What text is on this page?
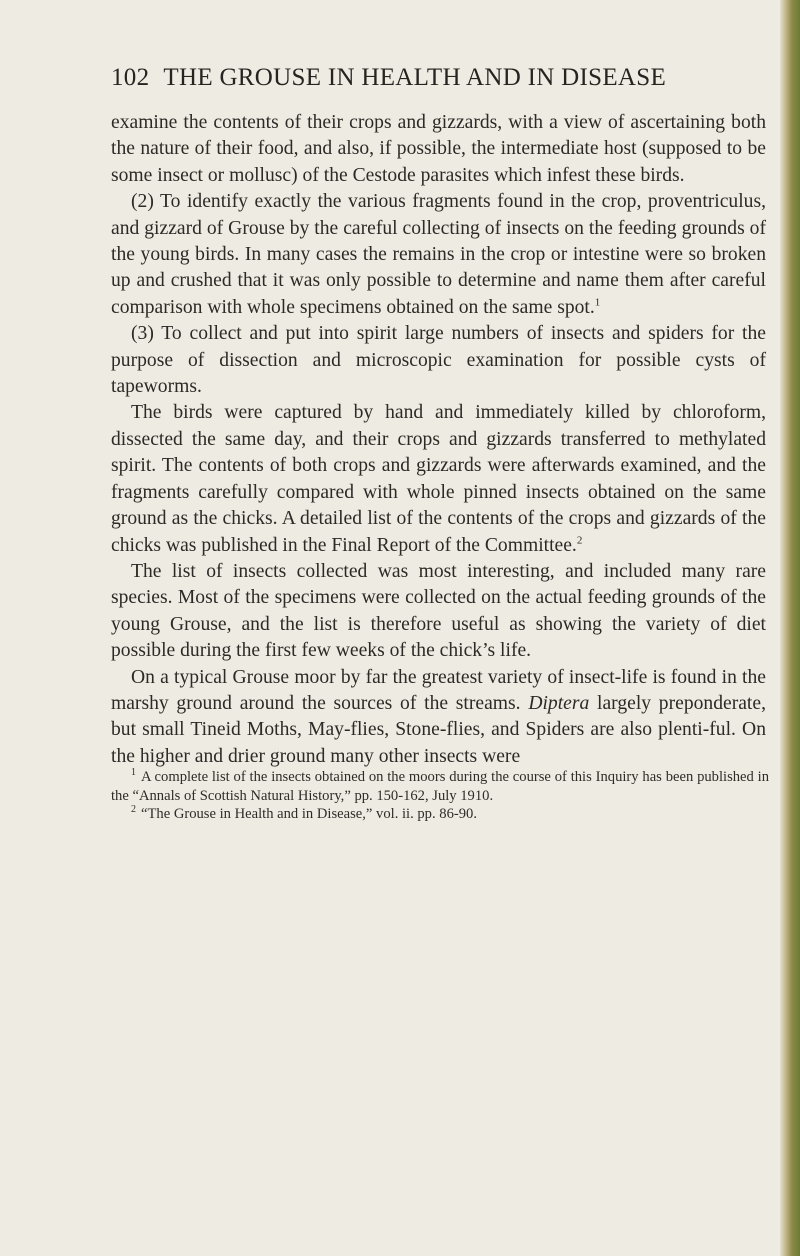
102 THE GROUSE IN HEALTH AND IN DISEASE

examine the contents of their crops and gizzards, with a view of ascertaining both the nature of their food, and also, if possible, the intermediate host (supposed to be some insect or mollusc) of the Cestode parasites which infest these birds.

(2) To identify exactly the various fragments found in the crop, proventriculus, and gizzard of Grouse by the careful collecting of insects on the feeding grounds of the young birds. In many cases the remains in the crop or intestine were so broken up and crushed that it was only possible to determine and name them after careful comparison with whole specimens obtained on the same spot.$^1$

(3) To collect and put into spirit large numbers of insects and spiders for the purpose of dissection and microscopic examination for possible cysts of tapeworms.

The birds were captured by hand and immediately killed by chloroform, dissected the same day, and their crops and gizzards transferred to methylated spirit. The contents of both crops and gizzards were afterwards examined, and the fragments carefully compared with whole pinned insects obtained on the same ground as the chicks. A detailed list of the contents of the crops and gizzards of the chicks was published in the Final Report of the Committee.$^2$

The list of insects collected was most interesting, and included many rare species. Most of the specimens were collected on the actual feeding grounds of the young Grouse, and the list is therefore useful as showing the variety of diet possible during the first few weeks of the chick’s life.

On a typical Grouse moor by far the greatest variety of insect-life is found in the marshy ground around the sources of the streams. Diptera largely preponderate, but small Tineid Moths, May-flies, Stone-flies, and Spiders are also plenti-ful. On the higher and drier ground many other insects were

$^1$ A complete list of the insects obtained on the moors during the course of this Inquiry has been published in the “Annals of Scottish Natural History,” pp. 150-162, July 1910.

$^2$ “The Grouse in Health and in Disease,” vol. ii. pp. 86-90.
